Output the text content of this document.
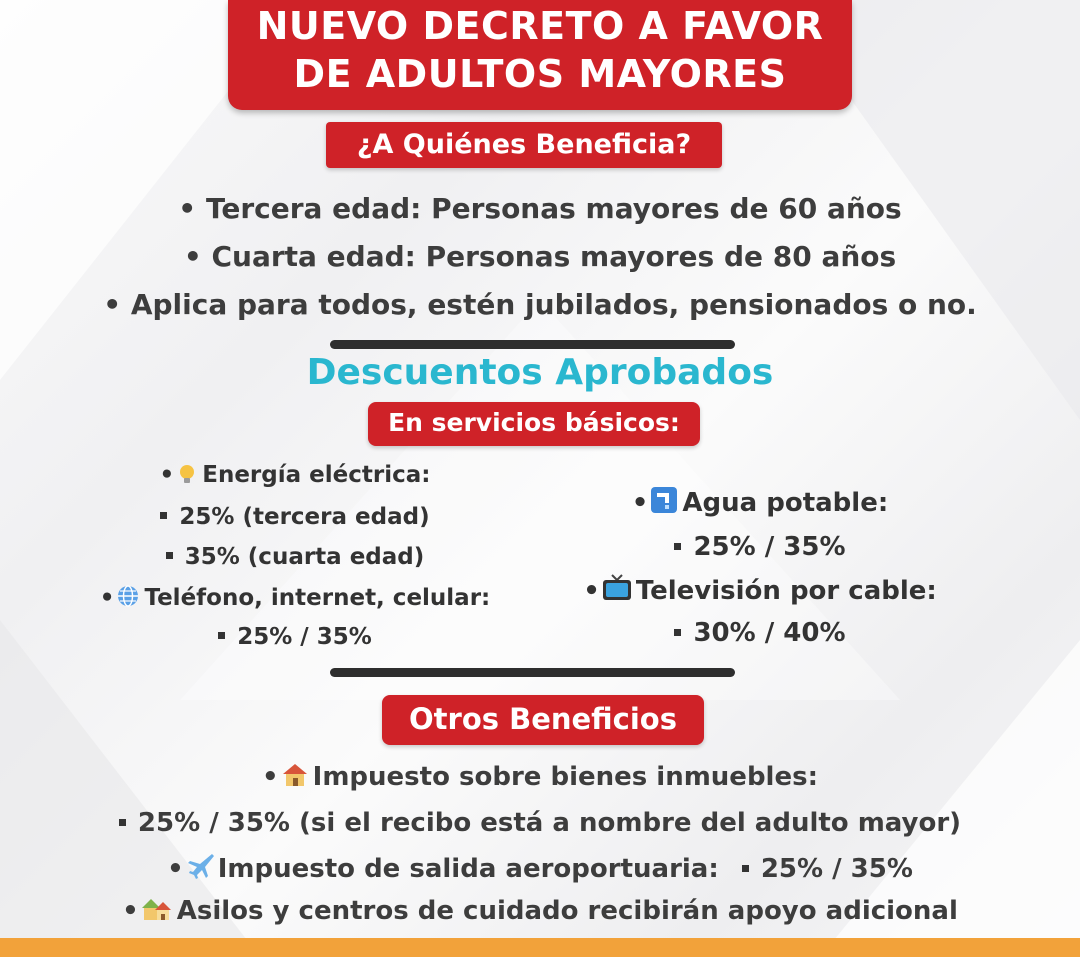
NUEVO DECRETO A FAVOR
DE ADULTOS MAYORES
¿A Quiénes Beneficia?
• Tercera edad: Personas mayores de 60 años
• Cuarta edad: Personas mayores de 80 años
• Aplica para todos, estén jubilados, pensionados o no.
Descuentos Aprobados
En servicios básicos:
• Energía eléctrica:
25% (tercera edad)
35% (cuarta edad)
• Teléfono, internet, celular:
25% / 35%
• Agua potable:
25% / 35%
• Televisión por cable:
30% / 40%
Otros Beneficios
• Impuesto sobre bienes inmuebles:
25% / 35% (si el recibo está a nombre del adulto mayor)
• Impuesto de salida aeroportuaria: 25% / 35%
• Asilos y centros de cuidado recibirán apoyo adicional
